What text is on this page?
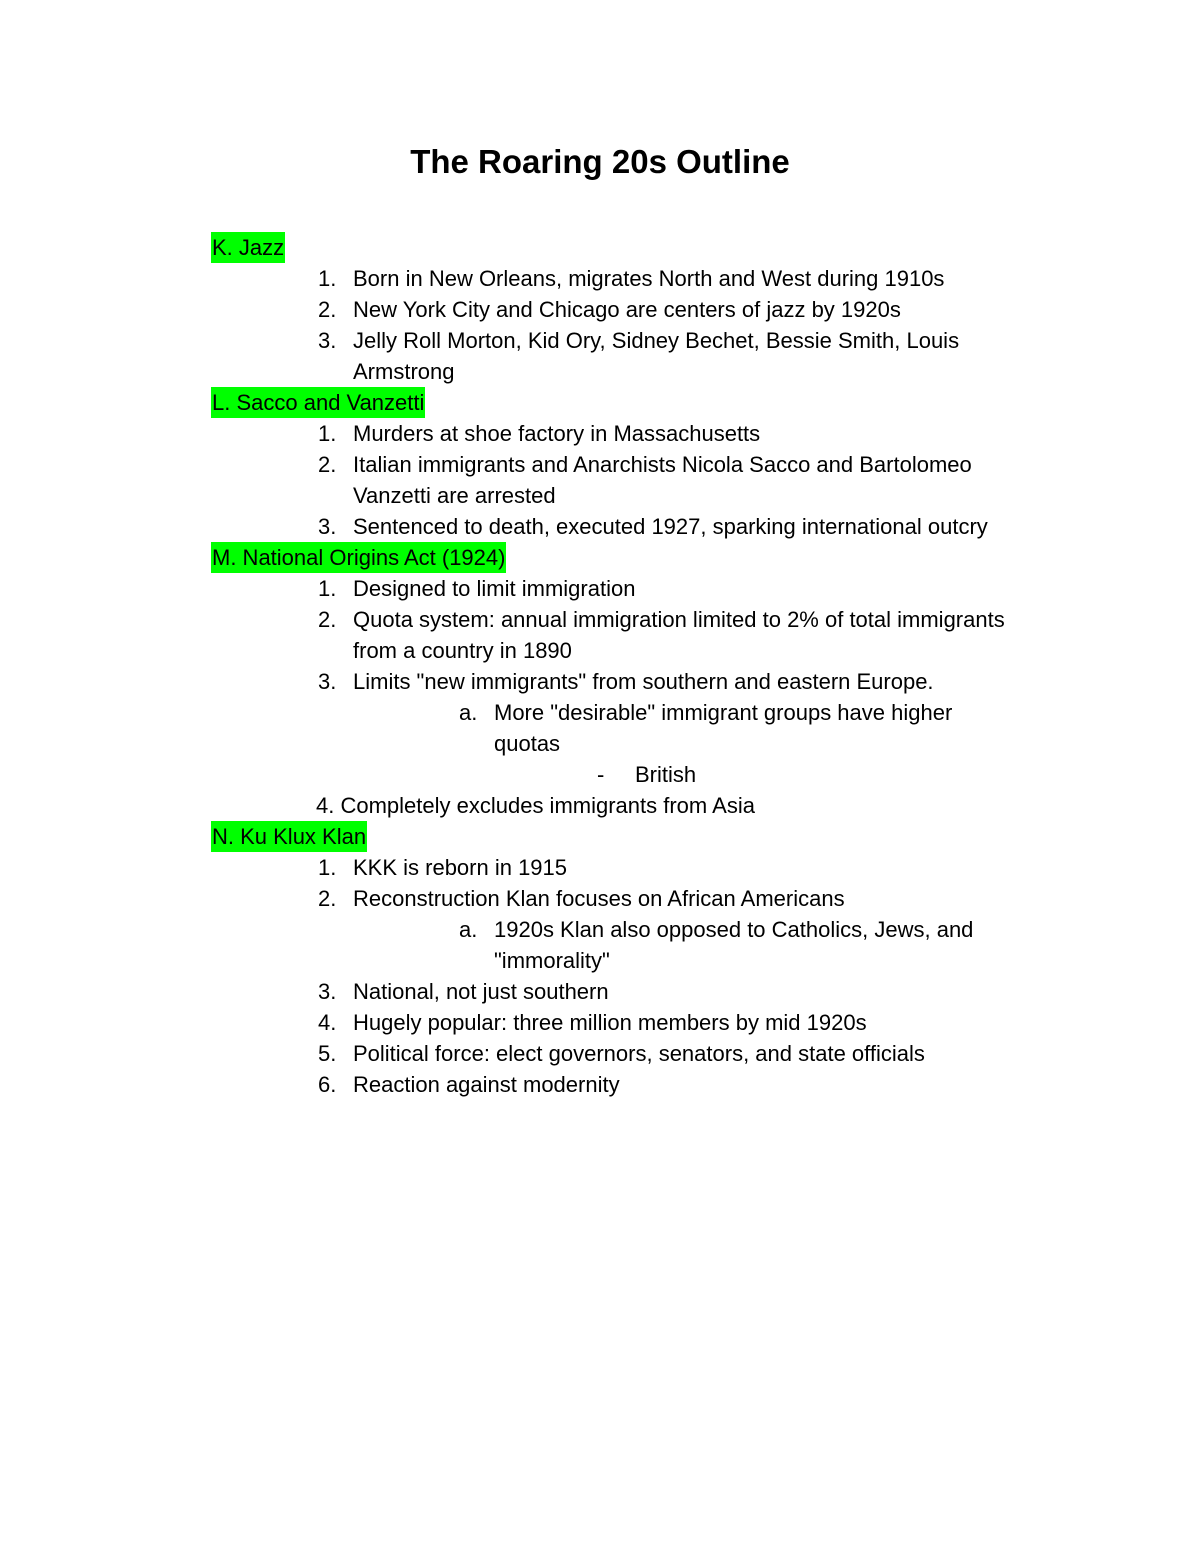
The Roaring 20s Outline
K. Jazz
1. Born in New Orleans, migrates North and West during 1910s
2. New York City and Chicago are centers of jazz by 1920s
3. Jelly Roll Morton, Kid Ory, Sidney Bechet, Bessie Smith, Louis
Armstrong
L. Sacco and Vanzetti
1. Murders at shoe factory in Massachusetts
2. Italian immigrants and Anarchists Nicola Sacco and Bartolomeo
Vanzetti are arrested
3. Sentenced to death, executed 1927, sparking international outcry
M. National Origins Act (1924)
1. Designed to limit immigration
2. Quota system: annual immigration limited to 2% of total immigrants
from a country in 1890
3. Limits "new immigrants" from southern and eastern Europe.
a. More "desirable" immigrant groups have higher
quotas
- British
4. Completely excludes immigrants from Asia
N. Ku Klux Klan
1. KKK is reborn in 1915
2. Reconstruction Klan focuses on African Americans
a. 1920s Klan also opposed to Catholics, Jews, and
"immorality"
3. National, not just southern
4. Hugely popular: three million members by mid 1920s
5. Political force: elect governors, senators, and state officials
6. Reaction against modernity
